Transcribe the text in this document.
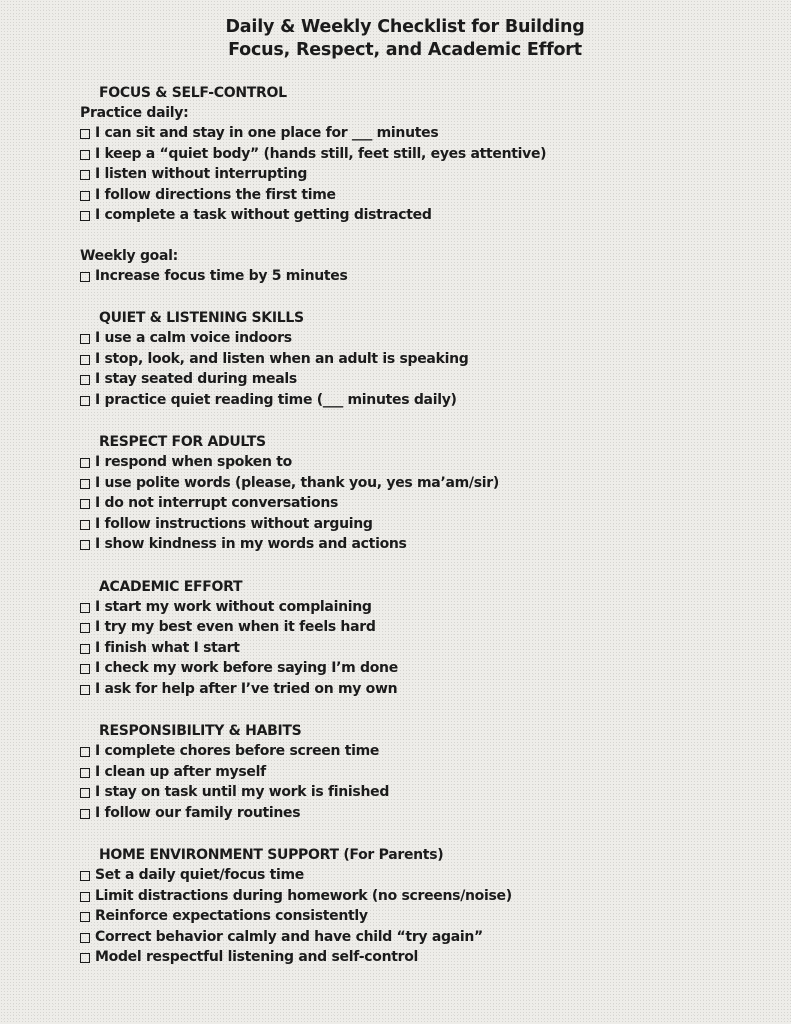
Daily & Weekly Checklist for Building
Focus, Respect, and Academic Effort
FOCUS & SELF-CONTROL
Practice daily:
I can sit and stay in one place for ___ minutes
I keep a “quiet body” (hands still, feet still, eyes attentive)
I listen without interrupting
I follow directions the first time
I complete a task without getting distracted
Weekly goal:
Increase focus time by 5 minutes
QUIET & LISTENING SKILLS
I use a calm voice indoors
I stop, look, and listen when an adult is speaking
I stay seated during meals
I practice quiet reading time (___ minutes daily)
RESPECT FOR ADULTS
I respond when spoken to
I use polite words (please, thank you, yes ma’am/sir)
I do not interrupt conversations
I follow instructions without arguing
I show kindness in my words and actions
ACADEMIC EFFORT
I start my work without complaining
I try my best even when it feels hard
I finish what I start
I check my work before saying I’m done
I ask for help after I’ve tried on my own
RESPONSIBILITY & HABITS
I complete chores before screen time
I clean up after myself
I stay on task until my work is finished
I follow our family routines
HOME ENVIRONMENT SUPPORT (For Parents)
Set a daily quiet/focus time
Limit distractions during homework (no screens/noise)
Reinforce expectations consistently
Correct behavior calmly and have child “try again”
Model respectful listening and self-control
